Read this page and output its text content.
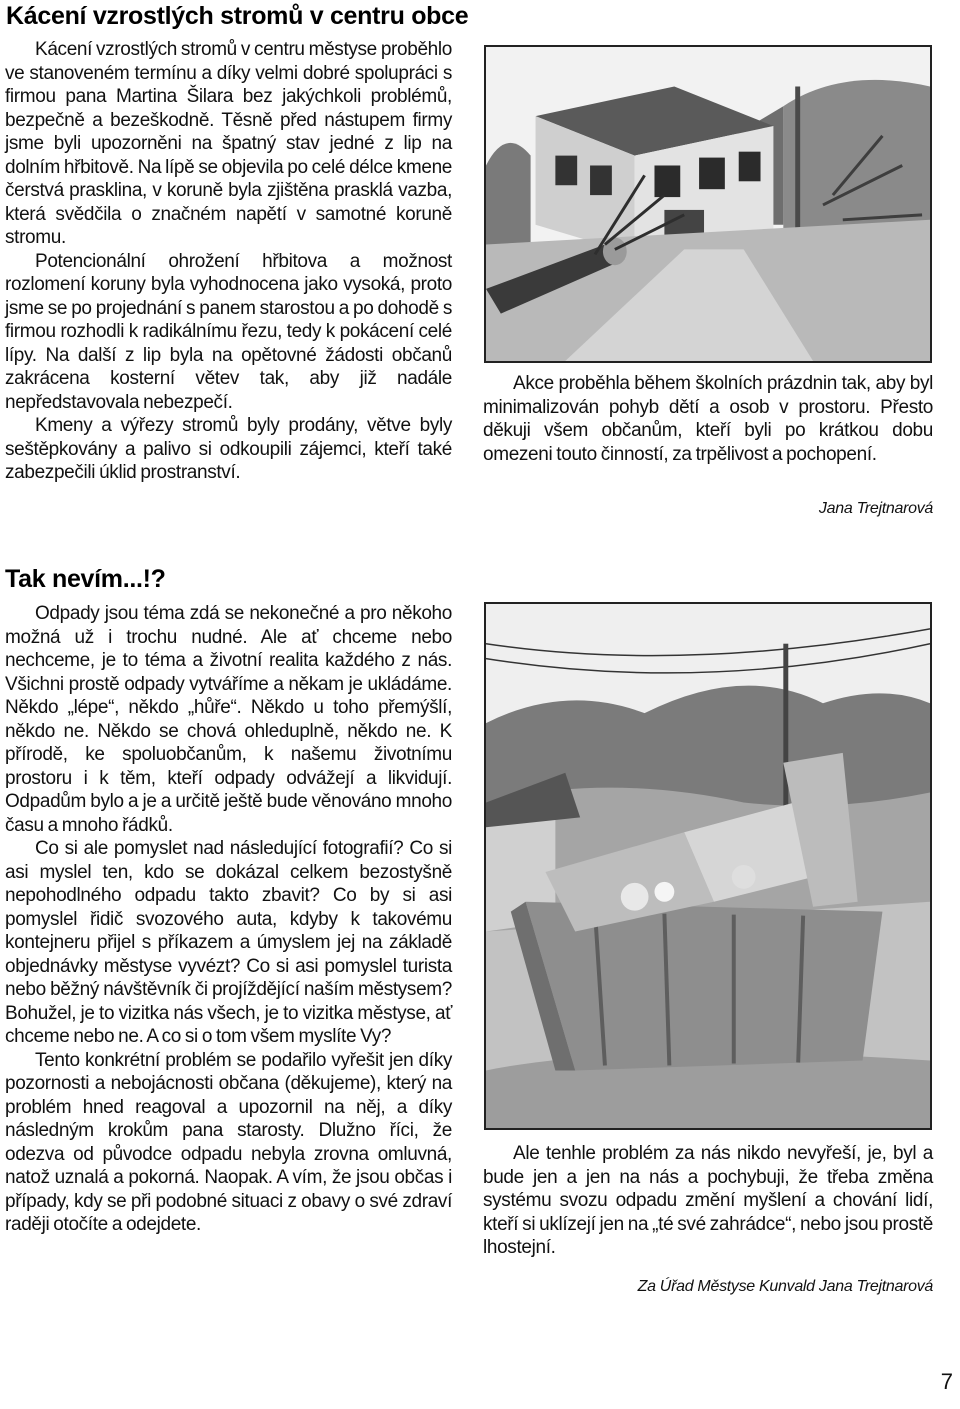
Kácení vzrostlých stromů v centru obce

Kácení vzrostlých stromů v centru městyse proběhlo ve stanoveném termínu a díky velmi dobré spolupráci s firmou pana Martina Šilara bez jakýchkoli problémů, bezpečně a bezeškodně. Těsně před nástupem firmy jsme byli upozorněni na špatný stav jedné z lip na dolním hřbitově. Na lípě se objevila po celé délce kmene čerstvá prasklina, v koruně byla zjištěna prasklá vazba, která svědčila o značném napětí v samotné koruně stromu.

Potencionální ohrožení hřbitova a možnost rozlomení koruny byla vyhodnocena jako vysoká, proto jsme se po projednání s panem starostou a po dohodě s firmou rozhodli k radikálnímu řezu, tedy k pokácení celé lípy. Na další z lip byla na opětovné žádosti občanů zakrácena kosterní větev tak, aby již nadále nepředstavovala nebezpečí.

Kmeny a výřezy stromů byly prodány, větve byly seštěpkovány a palivo si odkoupili zájemci, kteří také zabezpečili úklid prostranství.

Akce proběhla během školních prázdnin tak, aby byl minimalizován pohyb dětí a osob v prostoru. Přesto děkuji všem občanům, kteří byli po krátkou dobu omezeni touto činností, za trpělivost a pochopení.

Jana Trejtnarová
Tak nevím...!?

Odpady jsou téma zdá se nekonečné a pro někoho možná už i trochu nudné. Ale ať chceme nebo nechceme, je to téma a životní realita každého z nás. Všichni prostě odpady vytváříme a někam je ukládáme. Někdo „lépe“, někdo „hůře“. Někdo u toho přemýšlí, někdo ne. Někdo se chová ohleduplně, někdo ne. K přírodě, ke spoluobčanům, k našemu životnímu prostoru i k těm, kteří odpady odvážejí a likvidují. Odpadům bylo a je a určitě ještě bude věnováno mnoho času a mnoho řádků.

Co si ale pomyslet nad následující fotografií? Co si asi myslel ten, kdo se dokázal celkem bezostyšně nepohodlného odpadu takto zbavit? Co by si asi pomyslel řidič svozového auta, kdyby k takovému kontejneru přijel s příkazem a úmyslem jej na základě objednávky městyse vyvézt? Co si asi pomyslel turista nebo běžný návštěvník či projíždějící naším městysem? Bohužel, je to vizitka nás všech, je to vizitka městyse, ať chceme nebo ne. A co si o tom všem myslíte Vy?

Tento konkrétní problém se podařilo vyřešit jen díky pozornosti a nebojácnosti občana (děkujeme), který na problém hned reagoval a upozornil na něj, a díky následným krokům pana starosty. Dlužno říci, že odezva od původce odpadu nebyla zrovna omluvná, natož uznalá a pokorná. Naopak. A vím, že jsou občas i případy, kdy se při podobné situaci z obavy o své zdraví raději otočíte a odejdete.

Ale tenhle problém za nás nikdo nevyřeší, je, byl a bude jen a jen na nás a pochybuji, že třeba změna systému svozu odpadu změní myšlení a chování lidí, kteří si uklízejí jen na „té své zahrádce“, nebo jsou prostě lhostejní.

Za Úřad Městyse Kunvald Jana Trejtnarová
7
